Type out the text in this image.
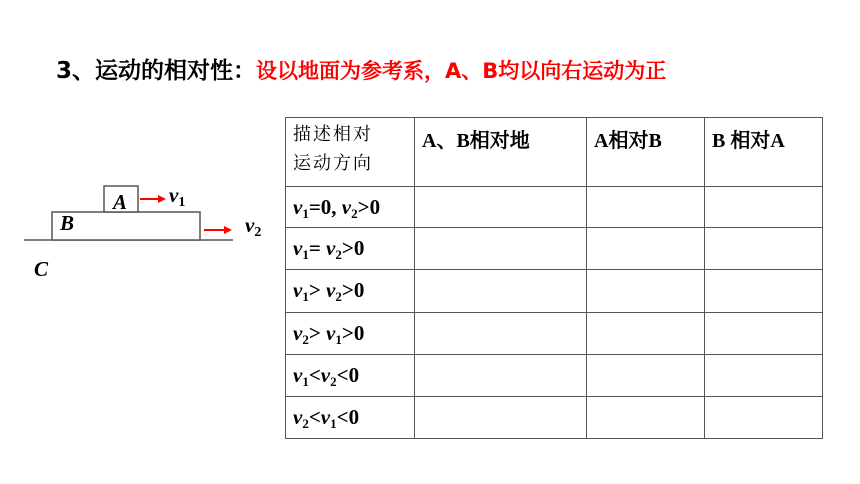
3、运动的相对性：设以地面为参考系，A、B均以向右运动为正
A
B
C
v1
v2
描述相对
运动方向	A、B相对地	A相对B	B 相对A
$v_1=0$, $v_2>0$			
$v_1= v_2>0$			
$v_1> v_2>0$			
$v_2> v_1>0$			
$v_1<v_2<0$			
$v_2<v_1<0$			
